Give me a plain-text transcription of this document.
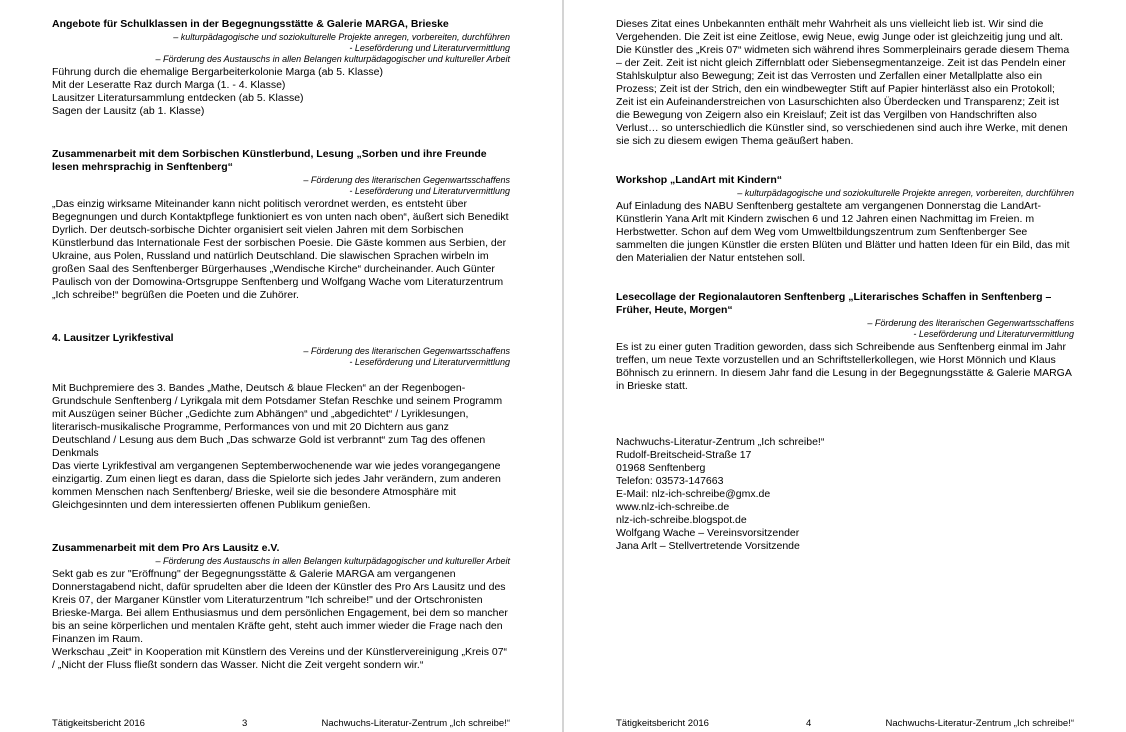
Angebote für Schulklassen in der Begegnungsstätte & Galerie MARGA, Brieske
– kulturpädagogische und soziokulturelle Projekte anregen, vorbereiten, durchführen
- Leseförderung und Literaturvermittlung
– Förderung des Austauschs in allen Belangen kulturpädagogischer und kultureller Arbeit
Führung durch die ehemalige Bergarbeiterkolonie Marga (ab 5. Klasse)
Mit der Leseratte Raz durch Marga (1. - 4. Klasse)
Lausitzer Literatursammlung entdecken (ab 5. Klasse)
Sagen der Lausitz (ab 1. Klasse)
Zusammenarbeit mit dem Sorbischen Künstlerbund, Lesung „Sorben und ihre Freunde lesen mehrsprachig in Senftenberg“
– Förderung des literarischen Gegenwartsschaffens
- Leseförderung und Literaturvermittlung

„Das einzig wirksame Miteinander kann nicht politisch verordnet werden, es entsteht über Begegnungen und durch Kontaktpflege funktioniert es von unten nach oben“, äußert sich Benedikt Dyrlich. Der deutsch-sorbische Dichter organisiert seit vielen Jahren mit dem Sorbischen Künstlerbund das Internationale Fest der sorbischen Poesie. Die Gäste kommen aus Serbien, der Ukraine, aus Polen, Russland und natürlich Deutschland. Die slawischen Sprachen wirbeln im großen Saal des Senftenberger Bürgerhauses „Wendische Kirche“ durcheinander. Auch Günter Paulisch von der Domowina-Ortsgruppe Senftenberg und Wolfgang Wache vom Literaturzentrum „Ich schreibe!“ begrüßen die Poeten und die Zuhörer.

4. Lausitzer Lyrikfestival
– Förderung des literarischen Gegenwartsschaffens
- Leseförderung und Literaturvermittlung

Mit Buchpremiere des 3. Bandes „Mathe, Deutsch & blaue Flecken“ an der Regenbogen-Grundschule Senftenberg / Lyrikgala mit dem Potsdamer Stefan Reschke und seinem Programm mit Auszügen seiner Bücher „Gedichte zum Abhängen“ und „abgedichtet“ / Lyriklesungen, literarisch-musikalische Programme, Performances von und mit 20 Dichtern aus ganz Deutschland / Lesung aus dem Buch „Das schwarze Gold ist verbrannt“ zum Tag des offenen Denkmals

Das vierte Lyrikfestival am vergangenen Septemberwochenende war wie jedes vorangegangene einzigartig. Zum einen liegt es daran, dass die Spielorte sich jedes Jahr verändern, zum anderen kommen Menschen nach Senftenberg/ Brieske, weil sie die besondere Atmosphäre mit Gleichgesinnten und dem interessierten offenen Publikum genießen.

Zusammenarbeit mit dem Pro Ars Lausitz e.V.
– Förderung des Austauschs in allen Belangen kulturpädagogischer und kultureller Arbeit

Sekt gab es zur "Eröffnung" der Begegnungsstätte & Galerie MARGA am vergangenen Donnerstagabend nicht, dafür sprudelten aber die Ideen der Künstler des Pro Ars Lausitz und des Kreis 07, der Marganer Künstler vom Literaturzentrum "Ich schreibe!" und der Ortschronisten Brieske-Marga. Bei allem Enthusiasmus und dem persönlichen Engagement, bei dem so mancher bis an seine körperlichen und mentalen Kräfte geht, steht auch immer wieder die Frage nach den Finanzen im Raum.

Werkschau „Zeit“ in Kooperation mit Künstlern des Vereins und der Künstlervereinigung „Kreis 07“ / „Nicht der Fluss fließt sondern das Wasser. Nicht die Zeit vergeht sondern wir.“

Tätigkeitsbericht 2016	3	Nachwuchs-Literatur-Zentrum „Ich schreibe!“

Dieses Zitat eines Unbekannten enthält mehr Wahrheit als uns vielleicht lieb ist. Wir sind die Vergehenden. Die Zeit ist eine Zeitlose, ewig Neue, ewig Junge oder ist gleichzeitig jung und alt. Die Künstler des „Kreis 07“ widmeten sich während ihres Sommerpleinairs gerade diesem Thema – der Zeit. Zeit ist nicht gleich Ziffernblatt oder Siebensegmentanzeige. Zeit ist das Pendeln einer Stahlskulptur also Bewegung; Zeit ist das Verrosten und Zerfallen einer Metallplatte also ein Prozess; Zeit ist der Strich, den ein windbewegter Stift auf Papier hinterlässt also ein Protokoll; Zeit ist ein Aufeinanderstreichen von Lasurschichten also Überdecken und Transparenz; Zeit ist die Bewegung von Zeigern also ein Kreislauf; Zeit ist das Vergilben von Handschriften also Verlust… so unterschiedlich die Künstler sind, so verschiedenen sind auch ihre Werke, mit denen sie sich zu diesem ewigen Thema geäußert haben.

Workshop „LandArt mit Kindern“
– kulturpädagogische und soziokulturelle Projekte anregen, vorbereiten, durchführen

Auf Einladung des NABU Senftenberg gestaltete am vergangenen Donnerstag die LandArt-Künstlerin Yana Arlt mit Kindern zwischen 6 und 12 Jahren einen Nachmittag im Freien. m Herbstwetter. Schon auf dem Weg vom Umweltbildungszentrum zum Senftenberger See sammelten die jungen Künstler die ersten Blüten und Blätter und hatten Ideen für ein Bild, das mit den Materialien der Natur entstehen soll.

Lesecollage der Regionalautoren Senftenberg „Literarisches Schaffen in Senftenberg – Früher, Heute, Morgen“
– Förderung des literarischen Gegenwartsschaffens
- Leseförderung und Literaturvermittlung

Es ist zu einer guten Tradition geworden, dass sich Schreibende aus Senftenberg einmal im Jahr treffen, um neue Texte vorzustellen und an Schriftstellerkollegen, wie Horst Mönnich und Klaus Böhnisch zu erinnern. In diesem Jahr fand die Lesung in der Begegnungsstätte & Galerie MARGA in Brieske statt.

Nachwuchs-Literatur-Zentrum „Ich schreibe!“
Rudolf-Breitscheid-Straße 17
01968 Senftenberg
Telefon: 03573-147663
E-Mail: nlz-ich-schreibe@gmx.de
www.nlz-ich-schreibe.de
nlz-ich-schreibe.blogspot.de
Wolfgang Wache – Vereinsvorsitzender
Jana Arlt – Stellvertretende Vorsitzende
Tätigkeitsbericht 2016	4	Nachwuchs-Literatur-Zentrum „Ich schreibe!“
